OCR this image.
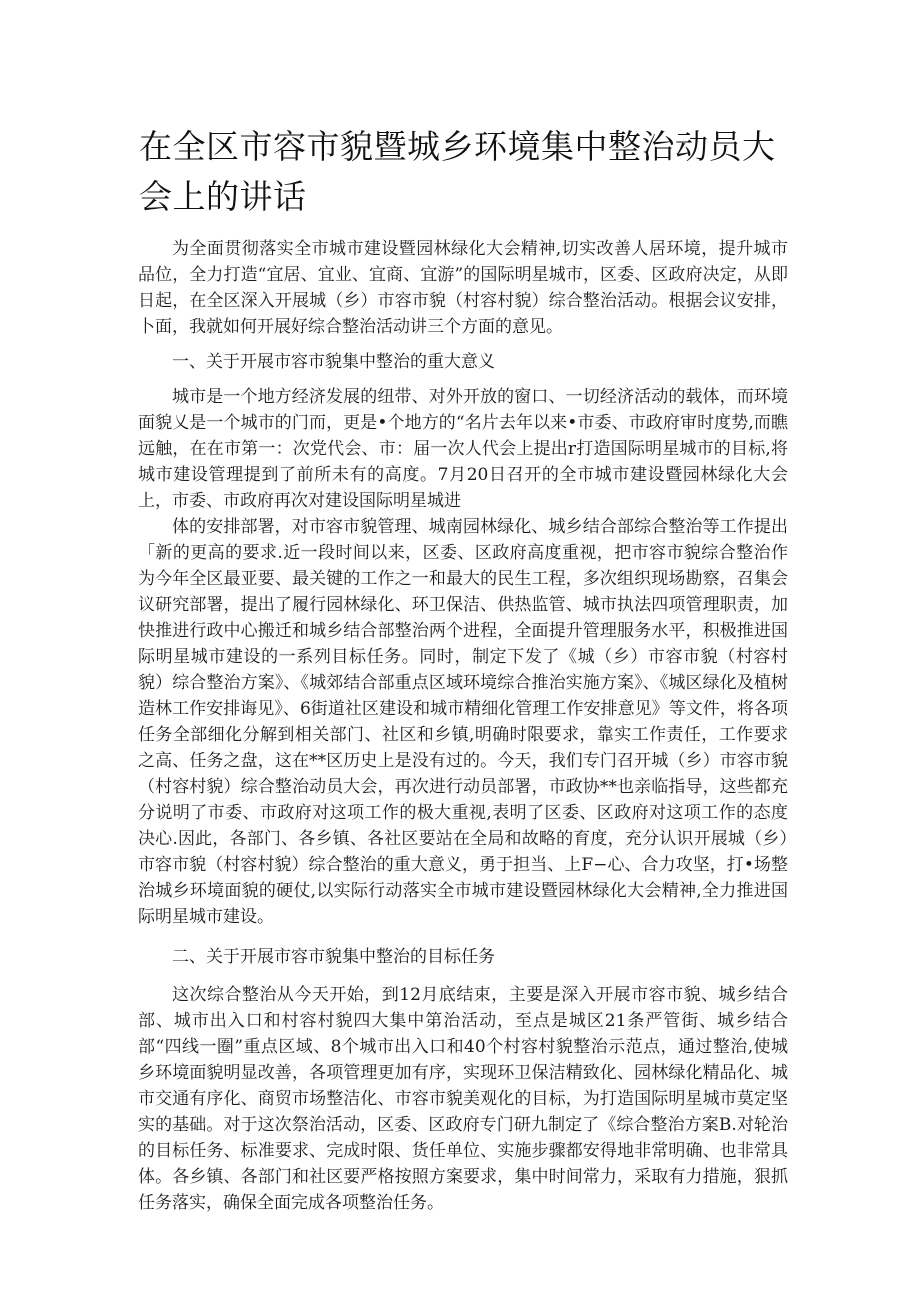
在全区市容市貌暨城乡环境集中整治动员大会上的讲话

为全面贯彻落实全市城市建设暨园林绿化大会精神,切实改善人居环境，提升城市品位，全力打造“宜居、宜业、宜商、宜游”的国际明星城市，区委、区政府决定，从即日起，在全区深入开展城（乡）市容市貌（村容村貌）综合整治活动。根据会议安排，卜面，我就如何开展好综合整治活动讲三个方面的意见。

一、关于开展市容市貌集中整治的重大意义

城市是一个地方经济发展的纽带、对外开放的窗口、一切经济活动的载体，而环境面貌乂是一个城市的门而，更是•个地方的“名片去年以来•市委、市政府审时度势,而瞧远触，在在市第一：次党代会、市：届一次人代会上提出r打造国际明星城市的目标,将城市建设管理提到了前所未有的高度。7月20日召开的全市城市建设暨园林绿化大会上，市委、市政府再次对建设国际明星城进

体的安排部署，对市容市貌管理、城南园林绿化、城乡结合部综合整治等工作提出「新的更高的要求.近一段时间以来，区委、区政府高度重视，把市容市貌综合整治作为今年全区最亚要、最关键的工作之一和最大的民生工程，多次组织现场勘察，召集会议研究部署，提出了履行园林绿化、环卫保洁、供热监管、城市执法四项管理职责，加快推进行政中心搬迁和城乡结合部整治两个进程，全面提升管理服务水平，积极推进国际明星城市建设的一系列目标任务。同时，制定下发了《城（乡）市容市貌（村容村貌）综合整治方案》、《城郊结合部重点区域环境综合推治实施方案》、《城区绿化及植树造林工作安排诲见》、6街道社区建设和城市精细化管理工作安排意见》等文件，将各项任务全部细化分解到相关部门、社区和乡镇,明确时限要求，靠实工作责任，工作要求之高、任务之盘，这在**区历史上是没有过的。今天，我们专门召开城（乡）市容市貌（村容村貌）综合整治动员大会，再次进行动员部署，市政协**也亲临指导，这些都充分说明了市委、市政府对这项工作的极大重视,表明了区委、区政府对这项工作的态度决心.因此，各部门、各乡镇、各社区要站在全局和故略的育度，充分认识开展城（乡）市容市貌（村容村貌）综合整治的重大意义，勇于担当、上F−心、合力攻坚，打•场整治城乡环境面貌的硬仗,以实际行动落实全市城市建设暨园林绿化大会精神,全力推进国际明星城市建设。

二、关于开展市容市貌集中整治的目标任务

这次综合整治从今天开始，到12月底结束，主要是深入开展市容市貌、城乡结合部、城市出入口和村容村貌四大集中第治活动，至点是城区21条严管街、城乡结合部“四线一圈”重点区域、8个城市出入口和40个村容村貌整治示范点，通过整治,使城乡环境面貌明显改善，各项管理更加有序，实现环卫保洁精致化、园林绿化精品化、城市交通有序化、商贸市场整洁化、市容市貌美观化的目标，为打造国际明星城市莫定坚实的基础。对于这次祭治活动，区委、区政府专门研九制定了《综合整治方案B.对轮治的目标任务、标准要求、完成时限、货任单位、实施步骤都安得地非常明确、也非常具体。各乡镇、各部门和社区要严格按照方案要求，集中时间常力，采取有力措施，狠抓任务落实，确保全面完成各项整治任务。
